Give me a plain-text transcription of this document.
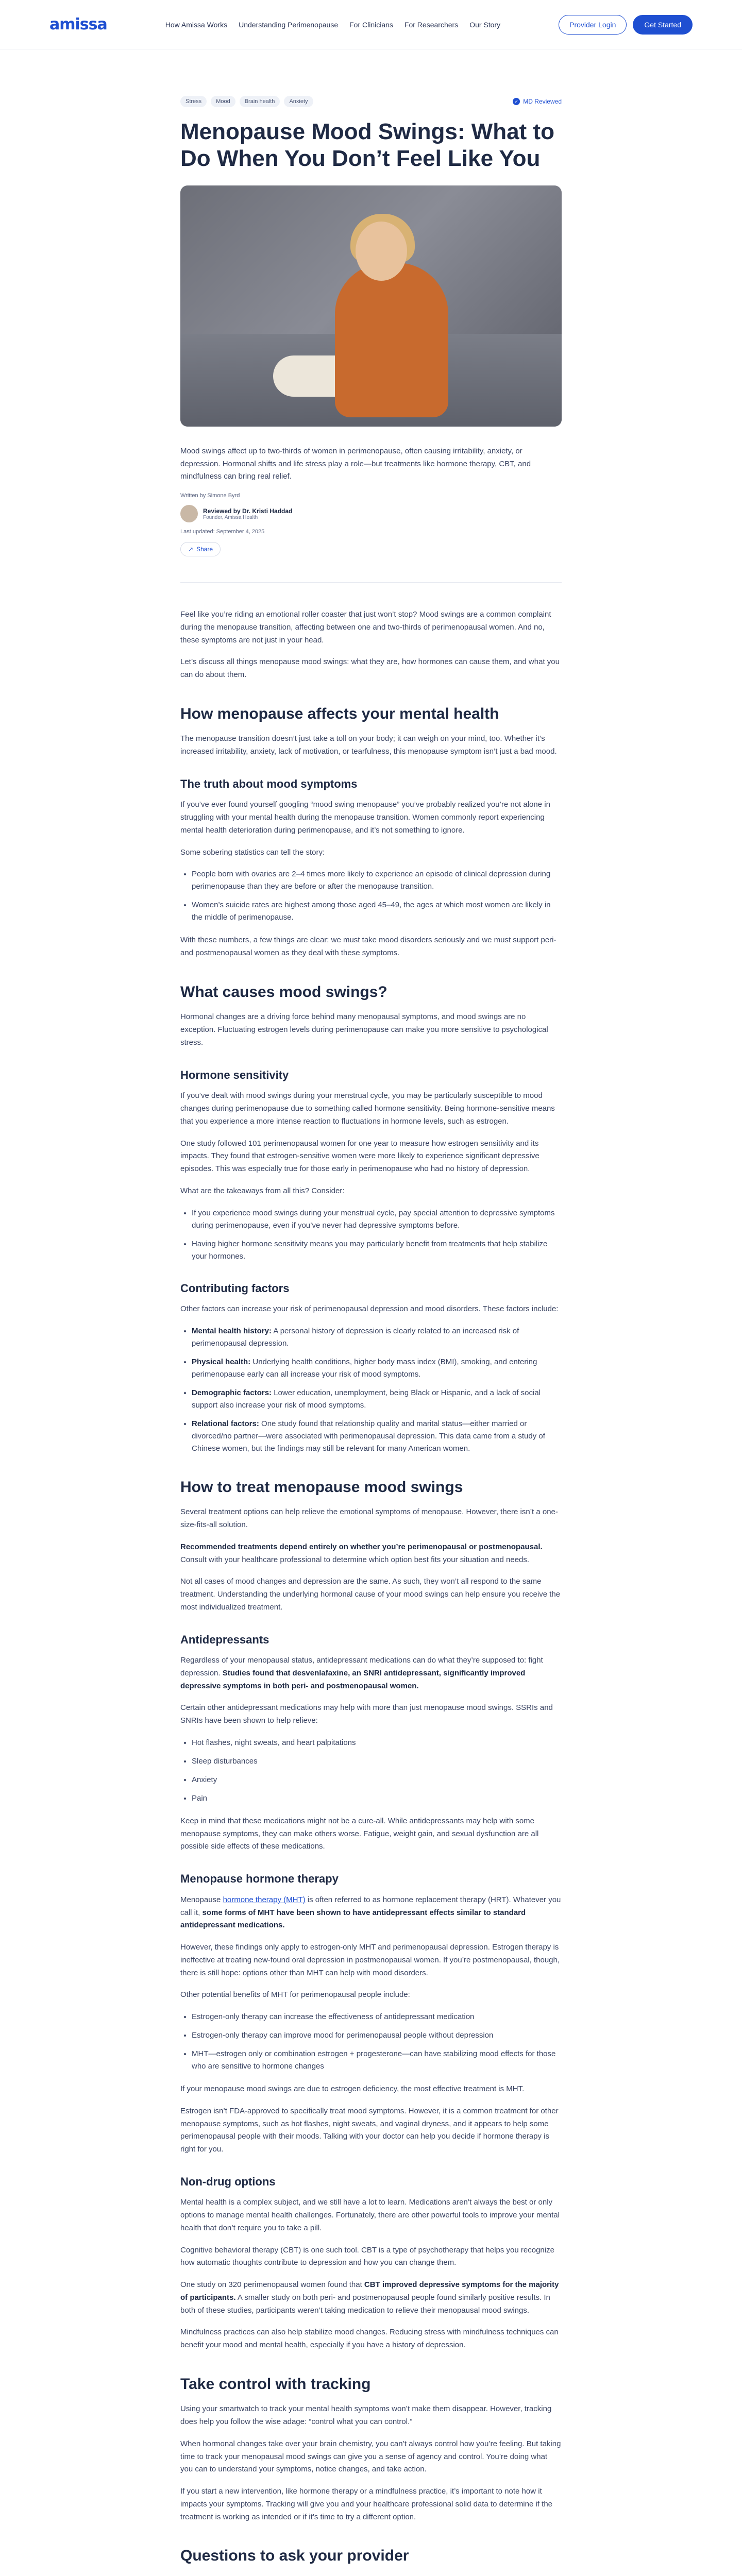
amissa	How Amissa Works Understanding Perimenopause For Clinicians For Researchers Our Story	Provider Login	Get Started
Stress	Mood	Brain health	Anxiety	✓ MD Reviewed
Menopause Mood Swings: What to Do When You Don’t Feel Like You

Mood swings affect up to two-thirds of women in perimenopause, often causing irritability, anxiety, or depression. Hormonal shifts and life stress play a role—but treatments like hormone therapy, CBT, and mindfulness can bring real relief.

Written by Simone Byrd
Reviewed by Dr. Kristi Haddad
Founder, Amissa Health
Last updated: September 4, 2025
↗ Share

Feel like you’re riding an emotional roller coaster that just won’t stop? Mood swings are a common complaint during the menopause transition, affecting between one and two-thirds of perimenopausal women. And no, these symptoms are not just in your head.

Let’s discuss all things menopause mood swings: what they are, how hormones can cause them, and what you can do about them.

How menopause affects your mental health

The menopause transition doesn’t just take a toll on your body; it can weigh on your mind, too. Whether it’s increased irritability, anxiety, lack of motivation, or tearfulness, this menopause symptom isn’t just a bad mood.

The truth about mood symptoms

If you’ve ever found yourself googling “mood swing menopause” you’ve probably realized you’re not alone in struggling with your mental health during the menopause transition. Women commonly report experiencing mental health deterioration during perimenopause, and it’s not something to ignore.

Some sobering statistics can tell the story:

• People born with ovaries are 2–4 times more likely to experience an episode of clinical depression during perimenopause than they are before or after the menopause transition.
• Women’s suicide rates are highest among those aged 45–49, the ages at which most women are likely in the middle of perimenopause.

With these numbers, a few things are clear: we must take mood disorders seriously and we must support peri- and postmenopausal women as they deal with these symptoms.

What causes mood swings?

Hormonal changes are a driving force behind many menopausal symptoms, and mood swings are no exception. Fluctuating estrogen levels during perimenopause can make you more sensitive to psychological stress.

Hormone sensitivity

If you’ve dealt with mood swings during your menstrual cycle, you may be particularly susceptible to mood changes during perimenopause due to something called hormone sensitivity. Being hormone-sensitive means that you experience a more intense reaction to fluctuations in hormone levels, such as estrogen.

One study followed 101 perimenopausal women for one year to measure how estrogen sensitivity and its impacts. They found that estrogen-sensitive women were more likely to experience significant depressive episodes. This was especially true for those early in perimenopause who had no history of depression.

What are the takeaways from all this? Consider:

• If you experience mood swings during your menstrual cycle, pay special attention to depressive symptoms during perimenopause, even if you’ve never had depressive symptoms before.
• Having higher hormone sensitivity means you may particularly benefit from treatments that help stabilize your hormones.
Contributing factors

Other factors can increase your risk of perimenopausal depression and mood disorders. These factors include:

• Mental health history: A personal history of depression is clearly related to an increased risk of perimenopausal depression.
• Physical health: Underlying health conditions, higher body mass index (BMI), smoking, and entering perimenopause early can all increase your risk of mood symptoms.
• Demographic factors: Lower education, unemployment, being Black or Hispanic, and a lack of social support also increase your risk of mood symptoms.
• Relational factors: One study found that relationship quality and marital status—either married or divorced/no partner—were associated with perimenopausal depression. This data came from a study of Chinese women, but the findings may still be relevant for many American women.
How to treat menopause mood swings

Several treatment options can help relieve the emotional symptoms of menopause. However, there isn’t a one-size-fits-all solution.

Recommended treatments depend entirely on whether you’re perimenopausal or postmenopausal. Consult with your healthcare professional to determine which option best fits your situation and needs.

Not all cases of mood changes and depression are the same. As such, they won’t all respond to the same treatment. Understanding the underlying hormonal cause of your mood swings can help ensure you receive the most individualized treatment.

Antidepressants

Regardless of your menopausal status, antidepressant medications can do what they’re supposed to: fight depression. Studies found that desvenlafaxine, an SNRI antidepressant, significantly improved depressive symptoms in both peri- and postmenopausal women.

Certain other antidepressant medications may help with more than just menopause mood swings. SSRIs and SNRIs have been shown to help relieve:

• Hot flashes, night sweats, and heart palpitations
• Sleep disturbances
• Anxiety
• Pain

Keep in mind that these medications might not be a cure-all. While antidepressants may help with some menopause symptoms, they can make others worse. Fatigue, weight gain, and sexual dysfunction are all possible side effects of these medications.

Menopause hormone therapy

Menopause hormone therapy (MHT) is often referred to as hormone replacement therapy (HRT). Whatever you call it, some forms of MHT have been shown to have antidepressant effects similar to standard antidepressant medications.

However, these findings only apply to estrogen-only MHT and perimenopausal depression. Estrogen therapy is ineffective at treating new-found oral depression in postmenopausal women. If you’re postmenopausal, though, there is still hope: options other than MHT can help with mood disorders.

Other potential benefits of MHT for perimenopausal people include:

• Estrogen-only therapy can increase the effectiveness of antidepressant medication
• Estrogen-only therapy can improve mood for perimenopausal people without depression
• MHT—estrogen only or combination estrogen + progesterone—can have stabilizing mood effects for those who are sensitive to hormone changes

If your menopause mood swings are due to estrogen deficiency, the most effective treatment is MHT.

Estrogen isn’t FDA-approved to specifically treat mood symptoms. However, it is a common treatment for other menopause symptoms, such as hot flashes, night sweats, and vaginal dryness, and it appears to help some perimenopausal people with their moods. Talking with your doctor can help you decide if hormone therapy is right for you.

Non-drug options

Mental health is a complex subject, and we still have a lot to learn. Medications aren’t always the best or only options to manage mental health challenges. Fortunately, there are other powerful tools to improve your mental health that don’t require you to take a pill.

Cognitive behavioral therapy (CBT) is one such tool. CBT is a type of psychotherapy that helps you recognize how automatic thoughts contribute to depression and how you can change them.

One study on 320 perimenopausal women found that CBT improved depressive symptoms for the majority of participants. A smaller study on both peri- and postmenopausal people found similarly positive results. In both of these studies, participants weren’t taking medication to relieve their menopausal mood swings.

Mindfulness practices can also help stabilize mood changes. Reducing stress with mindfulness techniques can benefit your mood and mental health, especially if you have a history of depression.

Take control with tracking

Using your smartwatch to track your mental health symptoms won’t make them disappear. However, tracking does help you follow the wise adage: “control what you can control.”

When hormonal changes take over your brain chemistry, you can’t always control how you’re feeling. But taking time to track your menopausal mood swings can give you a sense of agency and control. You’re doing what you can to understand your symptoms, notice changes, and take action.

If you start a new intervention, like hormone therapy or a mindfulness practice, it’s important to note how it impacts your symptoms. Tracking will give you and your healthcare professional solid data to determine if the treatment is working as intended or if it’s time to try a different option.

Questions to ask your provider
